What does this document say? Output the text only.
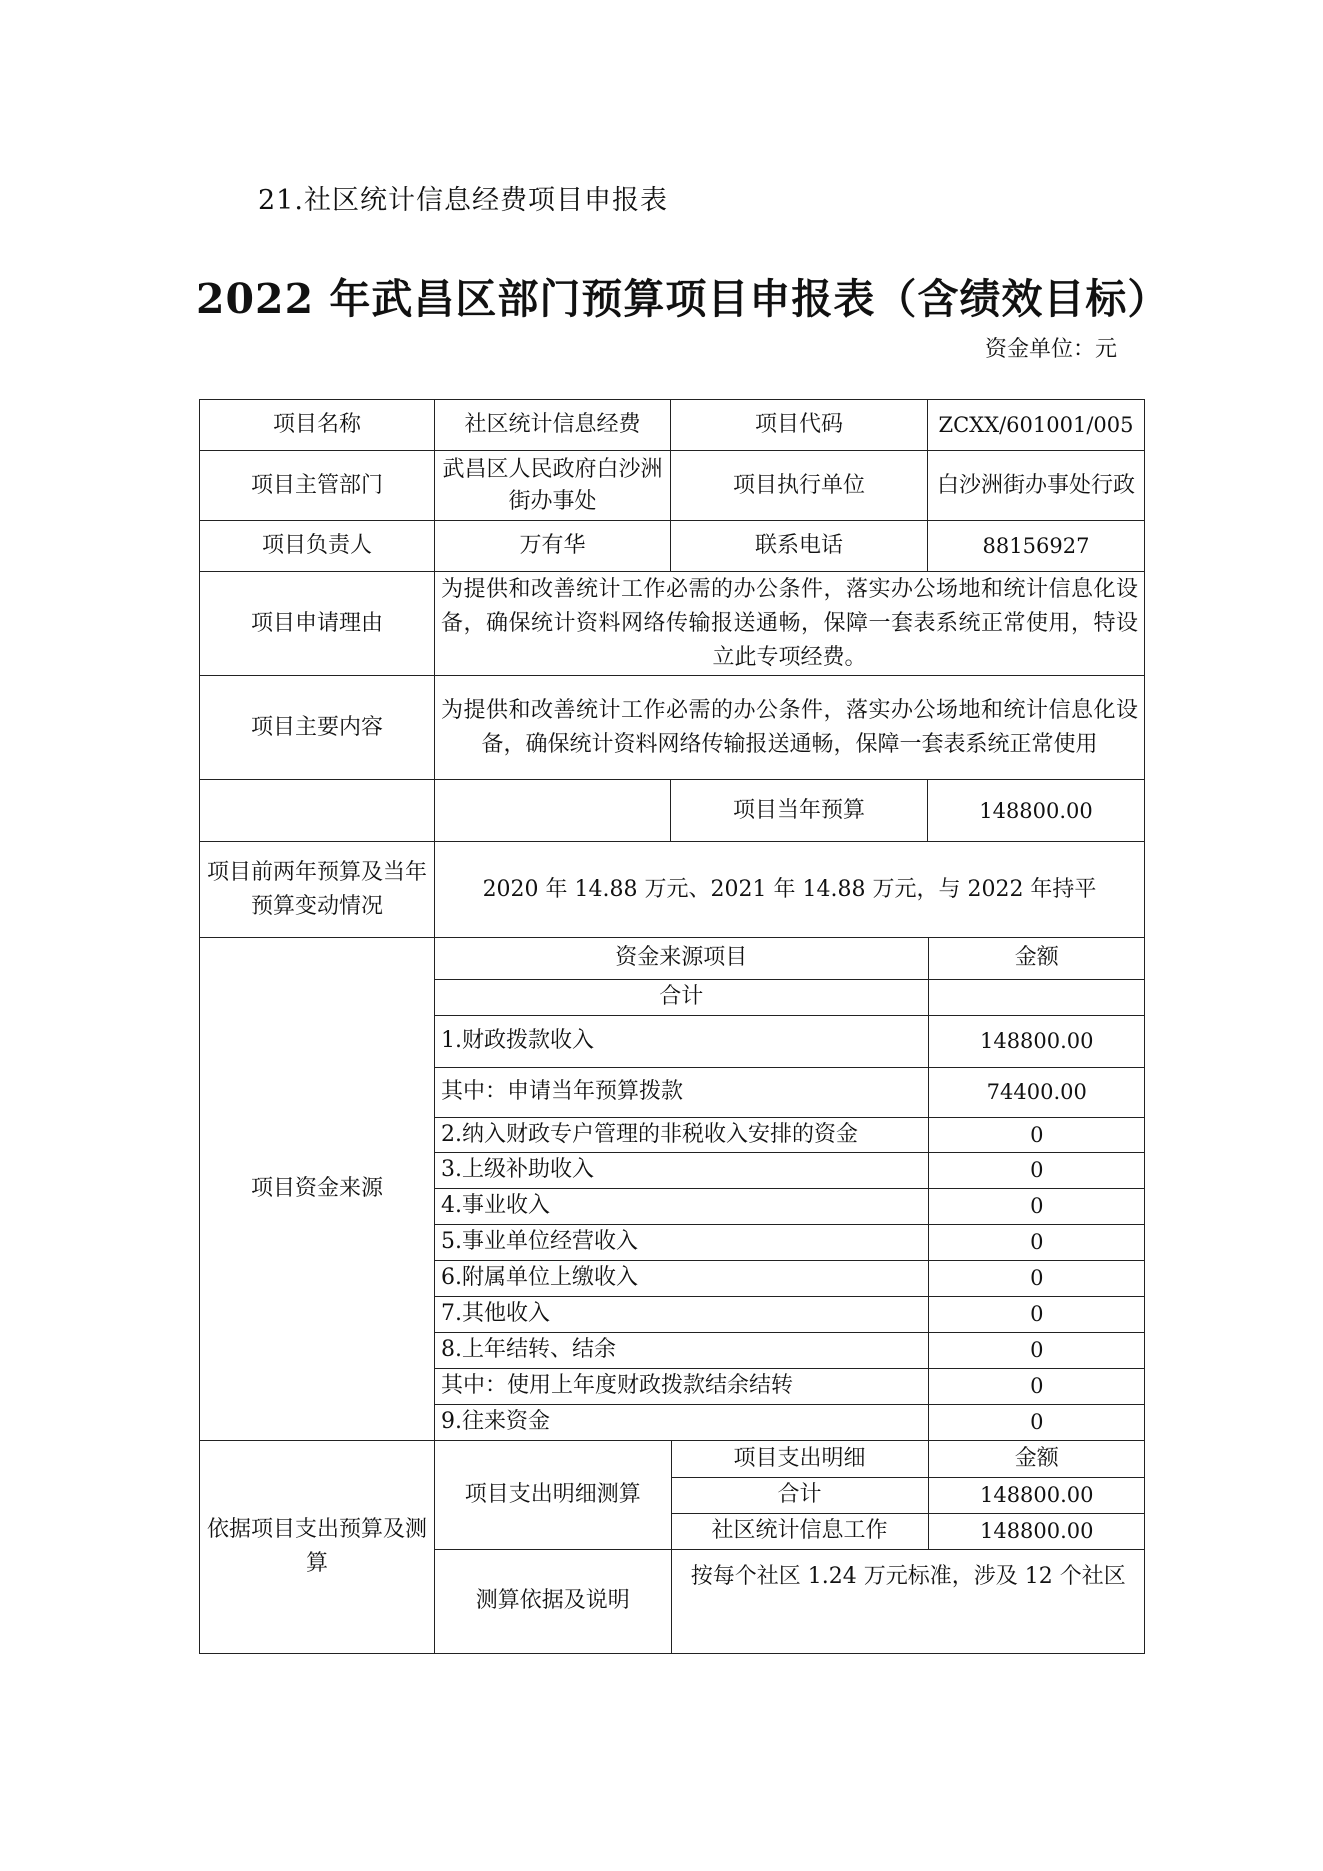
21.社区统计信息经费项目申报表
2022 年武昌区部门预算项目申报表（含绩效目标）
资金单位：元
项目名称	社区统计信息经费	项目代码	ZCXX/601001/005
项目主管部门	武昌区人民政府白沙洲街办事处	项目执行单位	白沙洲街办事处行政
项目负责人	万有华	联系电话	88156927
项目申请理由	为提供和改善统计工作必需的办公条件，落实办公场地和统计信息化设备，确保统计资料网络传输报送通畅，保障一套表系统正常使用，特设立此专项经费。
项目主要内容	为提供和改善统计工作必需的办公条件，落实办公场地和统计信息化设备，确保统计资料网络传输报送通畅，保障一套表系统正常使用
		项目当年预算	148800.00
项目前两年预算及当年预算变动情况	2020 年 14.88 万元、2021 年 14.88 万元，与 2022 年持平
项目资金来源	
资金来源项目	金额
合计	
1.财政拨款收入	148800.00
其中：申请当年预算拨款	74400.00
2.纳入财政专户管理的非税收入安排的资金	0
3.上级补助收入	0
4.事业收入	0
5.事业单位经营收入	0
6.附属单位上缴收入	0
7.其他收入	0
8.上年结转、结余	0
其中：使用上年度财政拨款结余结转	0
9.往来资金	0

依据项目支出预算及测算	
项目支出明细测算	项目支出明细	金额
合计	148800.00
社区统计信息工作	148800.00
测算依据及说明	按每个社区 1.24 万元标准，涉及 12 个社区
